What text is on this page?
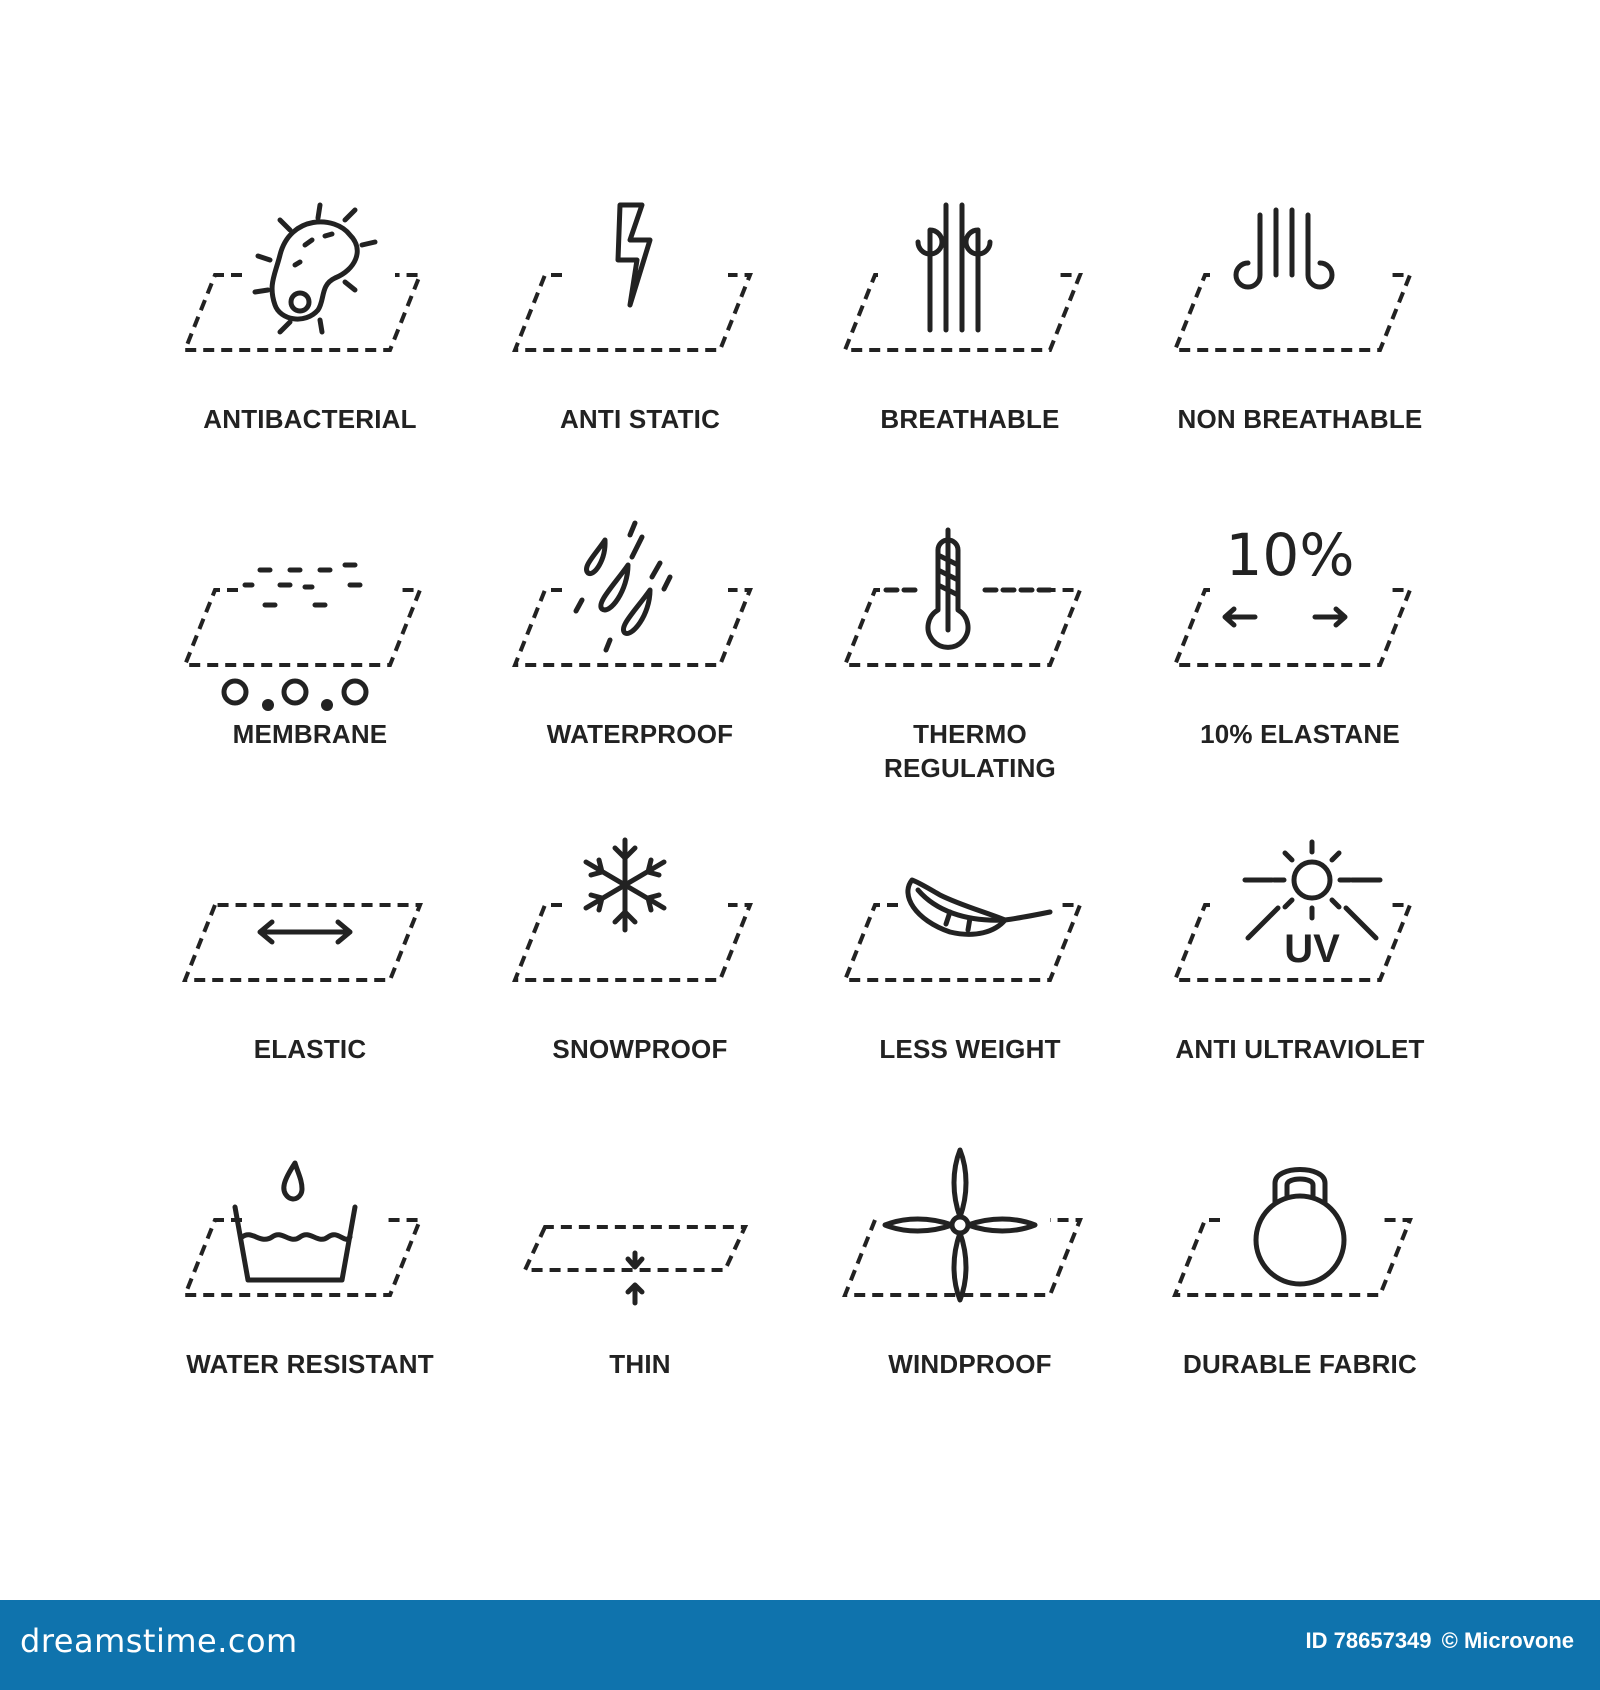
ANTIBACTERIAL	ANTI STATIC	BREATHABLE	NON BREATHABLE
MEMBRANE	WATERPROOF	THERMO
REGULATING
10%
10% ELASTANE
ELASTIC	SNOWPROOF	LESS WEIGHT
UV
ANTI ULTRAVIOLET
WATER RESISTANT	THIN	WINDPROOF	DURABLE FABRIC
dreamstime.com	ID 78657349 © Microvone
